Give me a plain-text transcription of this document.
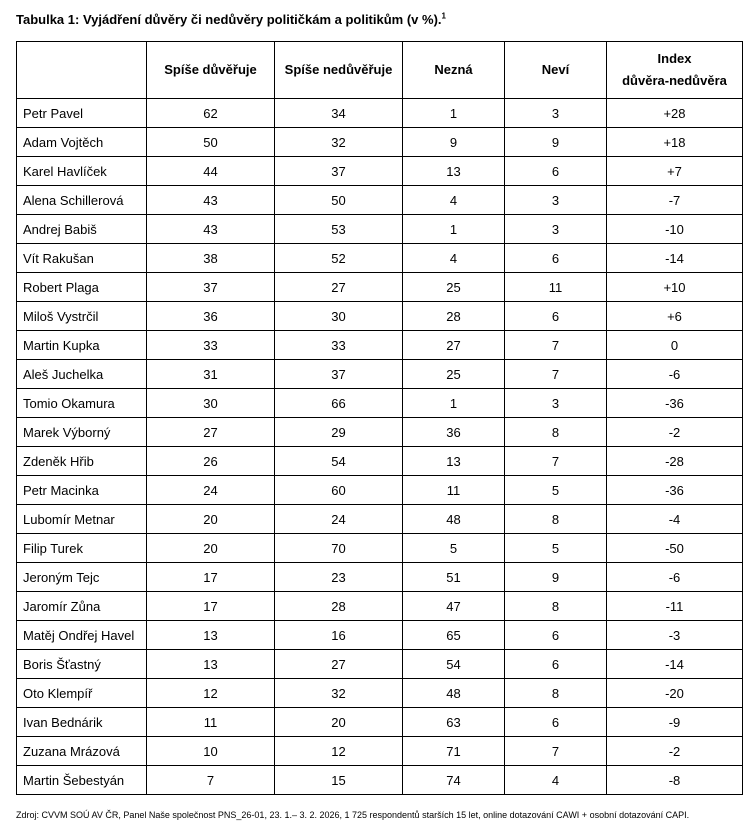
Tabulka 1: Vyjádření důvěry či nedůvěry političkám a politikům (v %).$^1$
	Spíše důvěřuje	Spíše nedůvěřuje	Nezná	Neví	Index
důvěra-nedůvěra

Petr Pavel	62	34	1	3	+28
Adam Vojtěch	50	32	9	9	+18
Karel Havlíček	44	37	13	6	+7
Alena Schillerová	43	50	4	3	-7
Andrej Babiš	43	53	1	3	-10
Vít Rakušan	38	52	4	6	-14
Robert Plaga	37	27	25	11	+10
Miloš Vystrčil	36	30	28	6	+6
Martin Kupka	33	33	27	7	0
Aleš Juchelka	31	37	25	7	-6
Tomio Okamura	30	66	1	3	-36
Marek Výborný	27	29	36	8	-2
Zdeněk Hřib	26	54	13	7	-28
Petr Macinka	24	60	11	5	-36
Lubomír Metnar	20	24	48	8	-4
Filip Turek	20	70	5	5	-50
Jeroným Tejc	17	23	51	9	-6
Jaromír Zůna	17	28	47	8	-11
Matěj Ondřej Havel	13	16	65	6	-3
Boris Šťastný	13	27	54	6	-14
Oto Klempíř	12	32	48	8	-20
Ivan Bednárik	11	20	63	6	-9
Zuzana Mrázová	10	12	71	7	-2
Martin Šebestyán	7	15	74	4	-8
Zdroj: CVVM SOÚ AV ČR, Panel Naše společnost PNS_26-01, 23. 1.– 3. 2. 2026, 1 725 respondentů starších 15 let, online dotazování CAWI + osobní dotazování CAPI.
